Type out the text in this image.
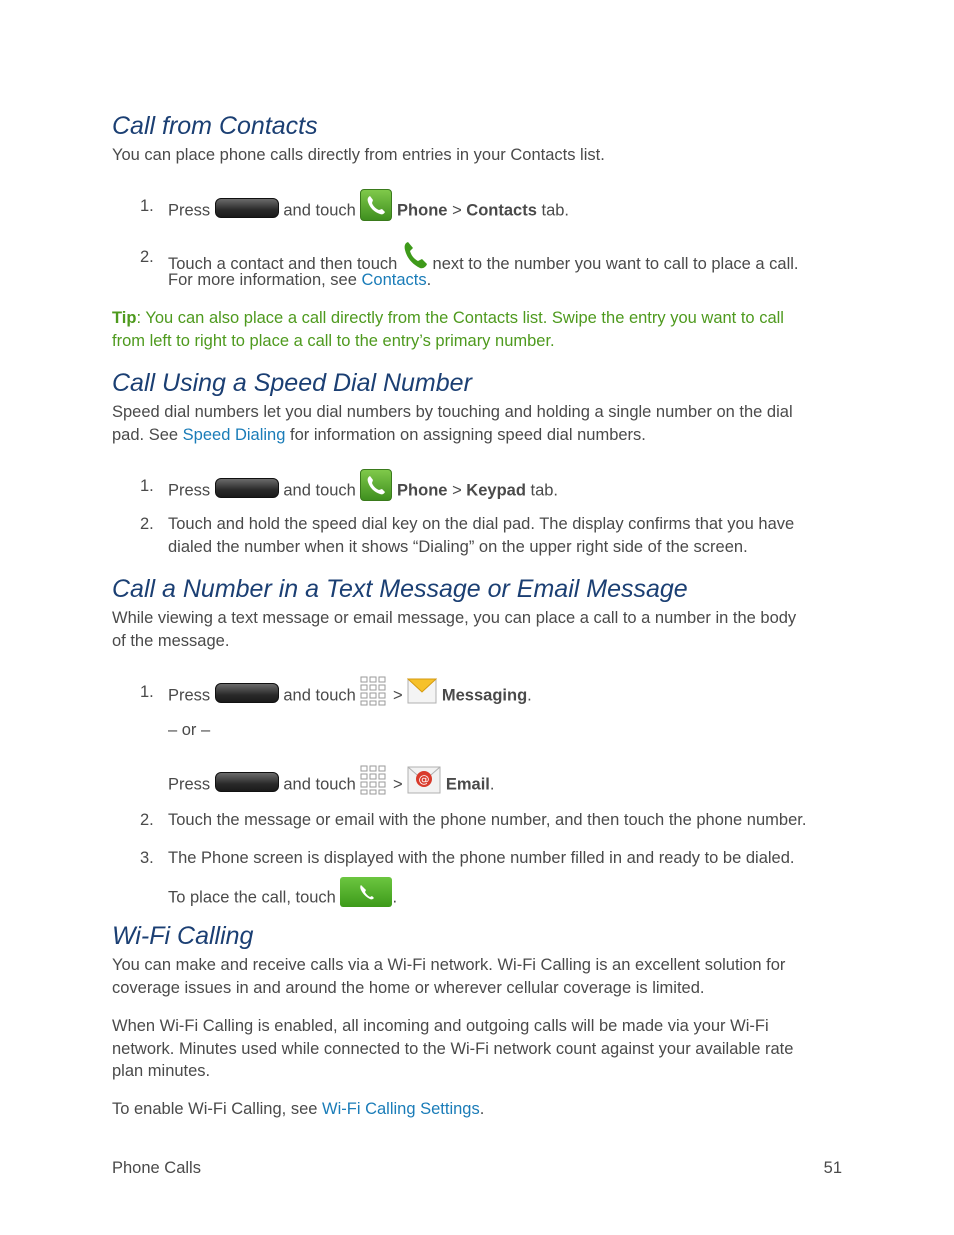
Call from Contacts
You can place phone calls directly from entries in your Contacts list.
1. Press	and touch Phone > Contacts tab.
2. Touch a contact and then touch next to the number you want to call to place a call.
For more information, see Contacts.
Tip: You can also place a call directly from the Contacts list. Swipe the entry you want to call
from left to right to place a call to the entry’s primary number.
Call Using a Speed Dial Number
Speed dial numbers let you dial numbers by touching and holding a single number on the dial
pad. See Speed Dialing for information on assigning speed dial numbers.
1. Press	and touch Phone > Keypad tab.
2. Touch and hold the speed dial key on the dial pad. The display confirms that you have
dialed the number when it shows “Dialing” on the upper right side of the screen.
Call a Number in a Text Message or Email Message
While viewing a text message or email message, you can place a call to a number in the body
of the message.
1. Press	and touch > Messaging.
– or –
Press	and touch > @ Email.
2. Touch the message or email with the phone number, and then touch the phone number.
3. The Phone screen is displayed with the phone number filled in and ready to be dialed.
To place the call, touch	.
Wi-Fi Calling
You can make and receive calls via a Wi-Fi network. Wi-Fi Calling is an excellent solution for
coverage issues in and around the home or wherever cellular coverage is limited.
When Wi-Fi Calling is enabled, all incoming and outgoing calls will be made via your Wi-Fi
network. Minutes used while connected to the Wi-Fi network count against your available rate
plan minutes.
To enable Wi-Fi Calling, see Wi-Fi Calling Settings.
Phone Calls	51
